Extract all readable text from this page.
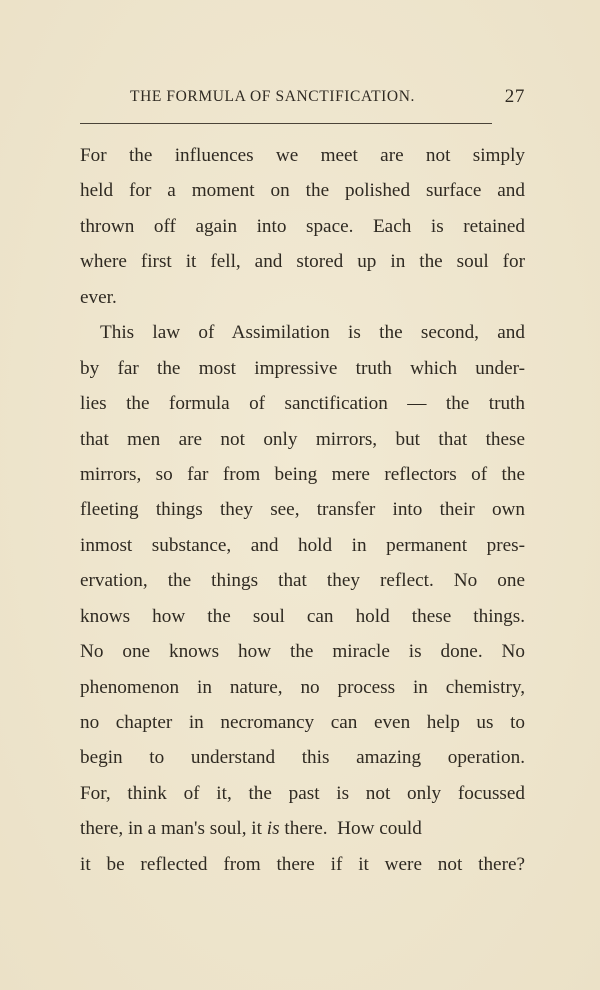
THE FORMULA OF SANCTIFICATION.	27
For the influences we meet are not simply
held for a moment on the polished surface and
thrown off again into space. Each is retained
where first it fell, and stored up in the soul for
ever.
This law of Assimilation is the second, and
by far the most impressive truth which under-
lies the formula of sanctification — the truth
that men are not only mirrors, but that these
mirrors, so far from being mere reflectors of the
fleeting things they see, transfer into their own
inmost substance, and hold in permanent pres-
ervation, the things that they reflect. No one
knows how the soul can hold these things.
No one knows how the miracle is done. No
phenomenon in nature, no process in chemistry,
no chapter in necromancy can even help us to
begin to understand this amazing operation.
For, think of it, the past is not only focussed
there, in a man's soul, it is there.  How could
it be reflected from there if it were not there?
